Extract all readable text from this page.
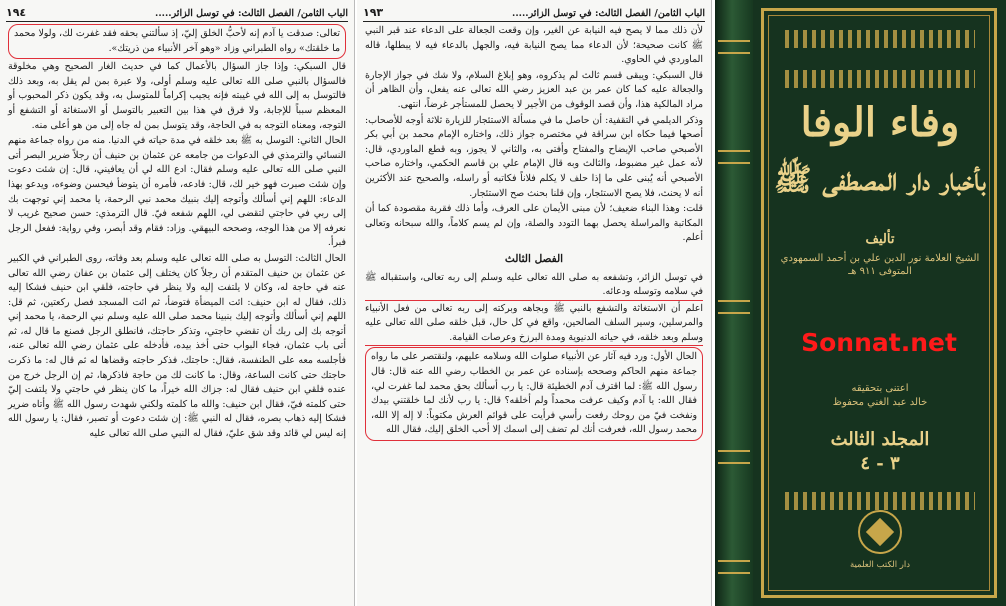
الباب الثامن/ الفصل الثالث: في توسل الزائر.....
١٩٤

تعالى: صدقت يا آدم إنه لأحبُّ الخلق إليّ، إذ سألتني بحقه فقد غفرت لك، ولولا محمد ما خلقتك» رواه الطبراني وزاد «وهو آخر الأنبياء من ذريتك».

قال السبكي: وإذا جاز السؤال بالأعمال كما في حديث الغار الصحيح وهي مخلوقة فالسؤال بالنبي صلى الله تعالى عليه وسلم أولى، ولا عبرة بمن لم يقل به، وبعد ذلك فالتوسل به إلى الله في غيبته فإنه يجيب إكراماً للمتوسل به، وقد يكون ذكر المحبوب أو المعظم سبباً للإجابة، ولا فرق في هذا بين التعبير بالتوسل أو الاستغاثة أو التشفع أو التوجه، ومعناه التوجه به في الحاجة، وقد يتوسل بمن له جاه إلى من هو أعلى منه.

الحال الثاني: التوسل به ﷺ بعد خلقه في مدة حياته في الدنيا. منه من رواه جماعة منهم النسائي والترمذي في الدعوات من جامعه عن عثمان بن حنيف أن رجلاً ضرير البصر أتى النبي صلى الله تعالى عليه وسلم فقال: ادع الله لي أن يعافيني، قال: إن شئت دعوت وإن شئت صبرت فهو خير لك، قال: فادعه، فأمره أن يتوضأ فيحسن وضوءه، ويدعو بهذا الدعاء: اللهم إني أسألك وأتوجه إليك بنبيك محمد نبي الرحمة، يا محمد إني توجهت بك إلى ربي في حاجتي لتقضى لي، اللهم شفعه فيّ. قال الترمذي: حسن صحيح غريب لا نعرفه إلا من هذا الوجه، وصححه البيهقي. وزاد: فقام وقد أبصر، وفي رواية: ففعل الرجل فبرأ.

الحال الثالث: التوسل به صلى الله تعالى عليه وسلم بعد وفاته، روى الطبراني في الكبير عن عثمان بن حنيف المتقدم أن رجلاً كان يختلف إلى عثمان بن عفان رضي الله تعالى عنه في حاجة له، وكان لا يلتفت إليه ولا ينظر في حاجته، فلقي ابن حنيف فشكا إليه ذلك، فقال له ابن حنيف: ائت الميضأة فتوضأ، ثم ائت المسجد فصل ركعتين، ثم قل: اللهم إني أسألك وأتوجه إليك بنبينا محمد صلى الله عليه وسلم نبي الرحمة، يا محمد إني أتوجه بك إلى ربك أن تقضي حاجتي، وتذكر حاجتك، فانطلق الرجل فصنع ما قال له، ثم أتى باب عثمان، فجاء البواب حتى أخذ بيده، فأدخله على عثمان رضي الله تعالى عنه، فأجلسه معه على الطنفسة، فقال: حاجتك، فذكر حاجته وقضاها له ثم قال له: ما ذكرت حاجتك حتى كانت الساعة، وقال: ما كانت لك من حاجة فاذكرها، ثم إن الرجل خرج من عنده فلقي ابن حنيف فقال له: جزاك الله خيراً، ما كان ينظر في حاجتي ولا يلتفت إليّ حتى كلمته فيّ، فقال ابن حنيف: والله ما كلمته ولكني شهدت رسول الله ﷺ وأتاه ضرير فشكا إليه ذهاب بصره، فقال له النبي ﷺ: إن شئت دعوت أو تصبر، فقال: يا رسول الله إنه ليس لي قائد وقد شق عليّ، فقال له النبي صلى الله تعالى عليه

الباب الثامن/ الفصل الثالث: في توسل الزائر.....
١٩٣

لأن ذلك مما لا يصح فيه النيابة عن الغير، وإن وقعت الجعالة على الدعاء عند قبر النبي ﷺ كانت صحيحة؛ لأن الدعاء مما يصح النيابة فيه، والجهل بالدعاء فيه لا يبطلها، قاله الماوردي في الحاوي.

قال السبكي: ويبقى قسم ثالث لم يذكروه، وهو إبلاغ السلام، ولا شك في جواز الإجارة والجعالة عليه كما كان عمر بن عبد العزيز رضي الله تعالى عنه يفعل، وأن الظاهر أن مراد المالكية هذا، وأن قصد الوقوف من الأجير لا يحصل للمستأجر غرضاً، انتهى.

وذكر الديلمي في التقفية: أن حاصل ما في مسألة الاستئجار للزيارة ثلاثة أوجه للأصحاب: أصحها فيما حكاه ابن سراقة في مختصره جواز ذلك، واختاره الإمام محمد بن أبي بكر الأصبحي صاحب الإيضاح والمفتاح وأفتى به، والثاني لا يجوز، وبه قطع الماوردي، قال: لأنه عمل غير مضبوط، والثالث وبه قال الإمام علي بن قاسم الحكمي، واختاره صاحب الأصبحي أنه يُبنى على ما إذا حلف لا يكلم فلاناً فكاتبه أو راسله، والصحيح عند الأكثرين أنه لا يحنث، فلا يصح الاستئجار، وإن قلنا بحنث صح الاستئجار.

قلت: وهذا البناء ضعيف؛ لأن مبنى الأيمان على العرف، وأما ذلك فقربة مقصودة كما أن المكاتبة والمراسلة يحصل بهما التودد والصلة، وإن لم يسم كلاماً، والله سبحانه وتعالى أعلم.

الفصل الثالث

في توسل الزائر، وتشفعه به صلى الله تعالى عليه وسلم إلى ربه تعالى، واستقباله ﷺ في سلامه وتوسله ودعائه.

اعلم أن الاستغاثة والتشفع بالنبي ﷺ وبجاهه وبركته إلى ربه تعالى من فعل الأنبياء والمرسلين، وسير السلف الصالحين، واقع في كل حال، قبل خلقه صلى الله تعالى عليه وسلم وبعد خلقه، في حياته الدنيوية ومدة البرزخ وعرصات القيامة.

الحال الأول: ورد فيه آثار عن الأنبياء صلوات الله وسلامه عليهم، ولنقتصر على ما رواه جماعة منهم الحاكم وصححه بإسناده عن عمر بن الخطاب رضي الله عنه قال: قال رسول الله ﷺ: لما اقترف آدم الخطيئة قال: يا رب أسألك بحق محمد لما غفرت لي، فقال الله: يا آدم وكيف عرفت محمداً ولم أخلقه؟ قال: يا رب لأنك لما خلقتني بيدك ونفخت فيّ من روحك رفعت رأسي فرأيت على قوائم العرش مكتوباً: لا إله إلا الله، محمد رسول الله، فعرفت أنك لم تضف إلى اسمك إلا أحب الخلق إليك، فقال الله

وفاء الوفا
بأخبار دار المصطفى ﷺ
تأليف
الشيخ العلامة نور الدين علي بن أحمد السمهودي
المتوفى ٩١١ هـ
Sonnat.net
اعتنى بتحقيقه
خالد عبد الغني محفوظ
المجلد الثالث
٣ - ٤
دار الكتب العلمية
